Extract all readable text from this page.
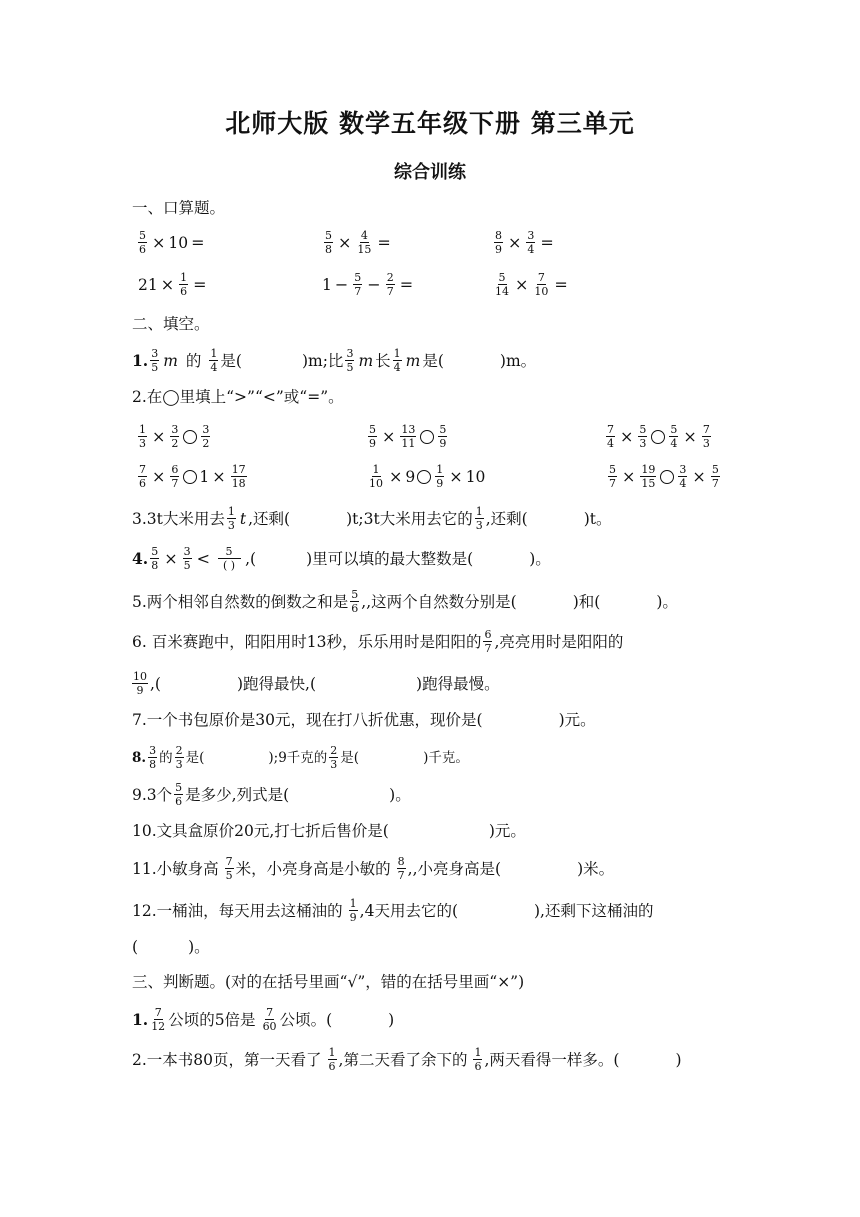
北师大版 数学五年级下册 第三单元
综合训练
一、口算题。
$\frac{5}{6} \times 10$ =	$\frac{5}{8} \times \frac{4}{15}$ =	$\frac{8}{9} \times \frac{3}{4}$ =
$21 \times \frac{1}{6}$ =	$1 - \frac{5}{7} - \frac{2}{7}$ =	$\frac{5}{14} \times \frac{7}{10}$ =
二、填空。
1. $\frac{3}{5}$ m 的 $\frac{1}{4}$ 是(	)m;比 $\frac{3}{5}$ m 长 $\frac{1}{4}$ m 是(	)m。
2.在◯里填上“>”“<”或“=”。
$\frac{1}{3} \times \frac{3}{2} \frac{3}{2}$	$\frac{5}{9} \times \frac{13}{11} \frac{5}{9}$	$\frac{7}{4} \times \frac{5}{3} \frac{5}{4} \times \frac{7}{3}$
$\frac{7}{6} \times \frac{6}{7} 1 \times \frac{17}{18}$	$\frac{1}{10} \times 9 \frac{1}{9} \times 10$	$\frac{5}{7} \times \frac{19}{15} \frac{3}{4} \times \frac{5}{7}$
3.3t大米用去 $\frac{1}{3}$ t ,还剩(	)t;3t大米用去它的 $\frac{1}{3}$ ,还剩(	)t。
4. $\frac{5}{8} \times \frac{3}{5} < \frac{5}{( )}$ ,(	)里可以填的最大整数是(	)。
5.两个相邻自然数的倒数之和是 $\frac{5}{6}$ ,,这两个自然数分别是(	)和(	)。
6. 百米赛跑中，阳阳用时13秒，乐乐用时是阳阳的 $\frac{6}{7}$ ,亮亮用时是阳阳的
$\frac{10}{9}$ ,(	)跑得最快,(	)跑得最慢。
7.一个书包原价是30元，现在打八折优惠，现价是(	)元。
8. $\frac{3}{8}$ 的 $\frac{2}{3}$ 是(	);9千克的 $\frac{2}{3}$ 是(	)千克。
9.3个 $\frac{5}{6}$ 是多少,列式是(	)。
10.文具盒原价20元,打七折后售价是(	)元。
11.小敏身高 $\frac{7}{5}$ 米，小亮身高是小敏的 $\frac{8}{7}$ ,,小亮身高是(	)米。
12.一桶油，每天用去这桶油的 $\frac{1}{9} ,4$天用去它的(	),还剩下这桶油的
(	)。
三、判断题。(对的在括号里画“√”，错的在括号里画“×”)
1. $\frac{7}{12}$ 公顷的5倍是 $\frac{7}{60}$ 公顷。(	)
2.一本书80页，第一天看了 $\frac{1}{6}$ ,第二天看了余下的 $\frac{1}{6}$ ,两天看得一样多。(	)
